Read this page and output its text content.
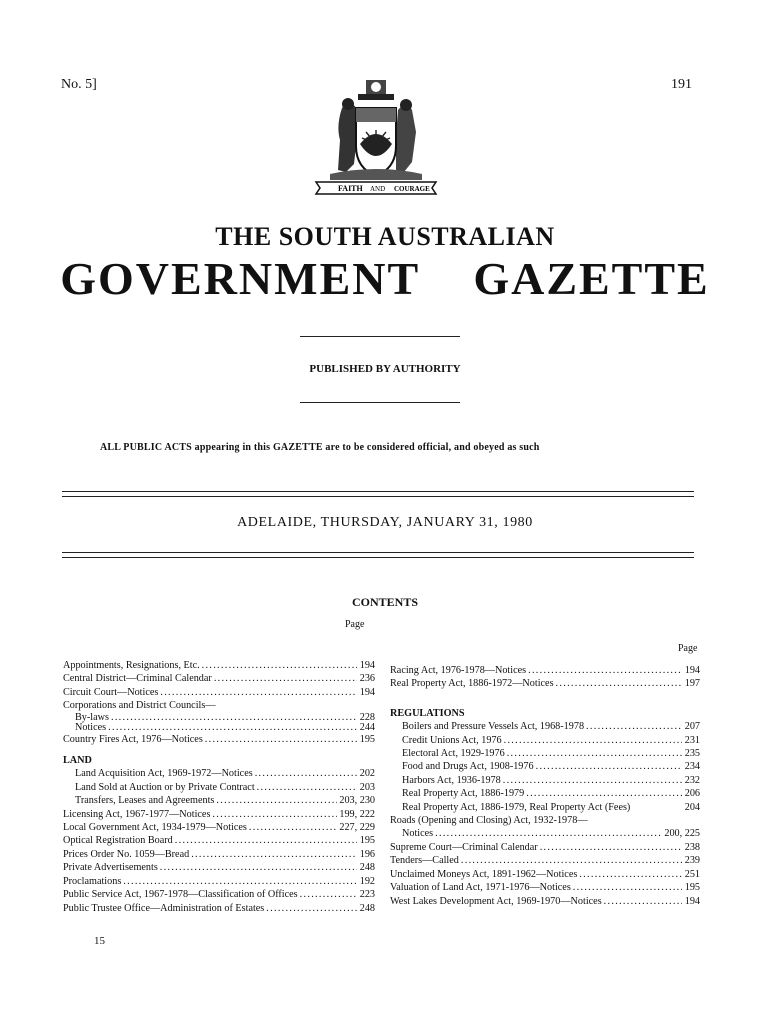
No. 5]	191
FAITH AND COURAGE
THE SOUTH AUSTRALIAN
GOVERNMENT    GAZETTE
PUBLISHED BY AUTHORITY
ALL PUBLIC ACTS appearing in this GAZETTE are to be considered official, and obeyed as such
ADELAIDE, THURSDAY, JANUARY 31, 1980
CONTENTS
Page
Page
Appointments, Resignations, Etc. .....	194
Central District—Criminal Calendar .....	236
Circuit Court—Notices .....	194
Corporations and District Councils—
By-laws .....	228
Notices .....	244
Country Fires Act, 1976—Notices .....	195
LAND
Land Acquisition Act, 1969-1972—Notices .....	202
Land Sold at Auction or by Private Contract .....	203
Transfers, Leases and Agreements .....	203, 230
Licensing Act, 1967-1977—Notices .....	199, 222
Local Government Act, 1934-1979—Notices .....	227, 229
Optical Registration Board .....	195
Prices Order No. 1059—Bread .....	196
Private Advertisements .....	248
Proclamations .....	192
Public Service Act, 1967-1978—Classification of Offices .....	223
Public Trustee Office—Administration of Estates .....	248
Racing Act, 1976-1978—Notices .....	194
Real Property Act, 1886-1972—Notices .....	197
REGULATIONS
Boilers and Pressure Vessels Act, 1968-1978 .....	207
Credit Unions Act, 1976 .....	231
Electoral Act, 1929-1976 .....	235
Food and Drugs Act, 1908-1976 .....	234
Harbors Act, 1936-1978 .....	232
Real Property Act, 1886-1979 .....	206
Real Property Act, 1886-1979, Real Property Act (Fees)	204
Roads (Opening and Closing) Act, 1932-1978—
Notices .....	200, 225
Supreme Court—Criminal Calendar .....	238
Tenders—Called .....	239
Unclaimed Moneys Act, 1891-1962—Notices .....	251
Valuation of Land Act, 1971-1976—Notices .....	195
West Lakes Development Act, 1969-1970—Notices .....	194
15
